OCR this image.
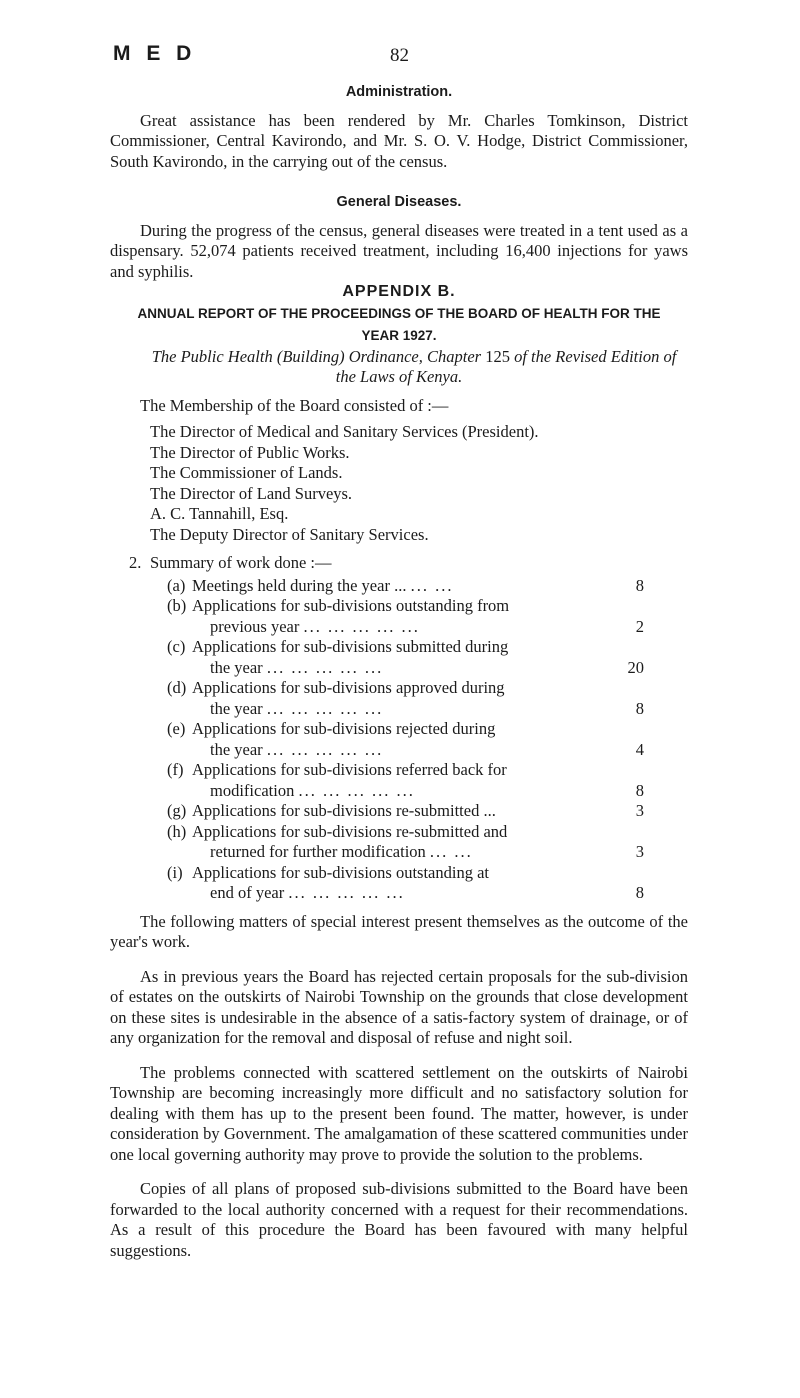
M E D	82
Administration.

Great assistance has been rendered by Mr. Charles Tomkinson, District Commissioner, Central Kavirondo, and Mr. S. O. V. Hodge, District Commissioner, South Kavirondo, in the carrying out of the census.

General Diseases.

During the progress of the census, general diseases were treated in a tent used as a dispensary. 52,074 patients received treatment, including 16,400 injections for yaws and syphilis.

APPENDIX B.
ANNUAL REPORT OF THE PROCEEDINGS OF THE BOARD OF HEALTH FOR THE YEAR 1927.

The Public Health (Building) Ordinance, Chapter 125 of the Revised Edition of the Laws of Kenya.

The Membership of the Board consisted of :—

The Director of Medical and Sanitary Services (President).
The Director of Public Works.
The Commissioner of Lands.
The Director of Land Surveys.
A. C. Tannahill, Esq.
The Deputy Director of Sanitary Services.
2. Summary of work done :—
(a) Meetings held during the year ... ... ...	8
(b) Applications for sub-divisions outstanding from
previous year ... ... ... ... ...	2
(c) Applications for sub-divisions submitted during
the year ... ... ... ... ...	20
(d) Applications for sub-divisions approved during
the year ... ... ... ... ...	8
(e) Applications for sub-divisions rejected during
the year ... ... ... ... ...	4
(f) Applications for sub-divisions referred back for
modification ... ... ... ... ...	8
(g) Applications for sub-divisions re-submitted ...	3
(h) Applications for sub-divisions re-submitted and
returned for further modification ... ...	3
(i) Applications for sub-divisions outstanding at
end of year ... ... ... ... ...	8

The following matters of special interest present themselves as the outcome of the year's work.

As in previous years the Board has rejected certain proposals for the sub-division of estates on the outskirts of Nairobi Township on the grounds that close development on these sites is undesirable in the absence of a satis-factory system of drainage, or of any organization for the removal and disposal of refuse and night soil.

The problems connected with scattered settlement on the outskirts of Nairobi Township are becoming increasingly more difficult and no satisfactory solution for dealing with them has up to the present been found. The matter, however, is under consideration by Government. The amalgamation of these scattered communities under one local governing authority may prove to provide the solution to the problems.

Copies of all plans of proposed sub-divisions submitted to the Board have been forwarded to the local authority concerned with a request for their recommendations. As a result of this procedure the Board has been favoured with many helpful suggestions.
